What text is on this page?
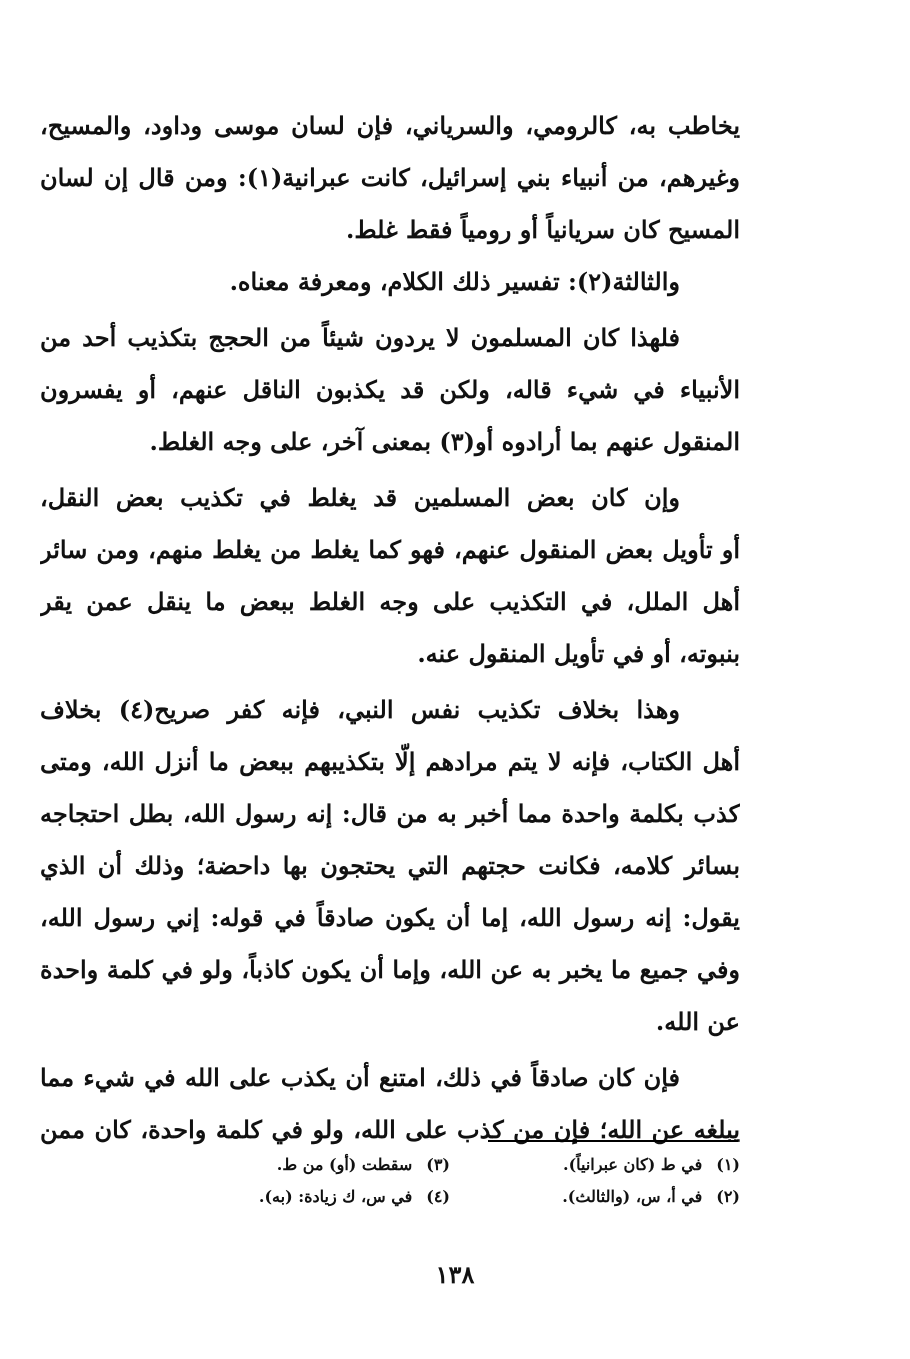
يخاطب به، كالرومي، والسرياني، فإن لسان موسى وداود، والمسيح،
وغيرهم، من أنبياء بني إسرائيل، كانت عبرانية(١): ومن قال إن لسان
المسيح كان سريانياً أو رومياً فقط غلط.
والثالثة(٢): تفسير ذلك الكلام، ومعرفة معناه.
فلهذا كان المسلمون لا يردون شيئاً من الحجج بتكذيب أحد من
الأنبياء في شيء قاله، ولكن قد يكذبون الناقل عنهم، أو يفسرون
المنقول عنهم بما أرادوه أو(٣) بمعنى آخر، على وجه الغلط.
وإن كان بعض المسلمين قد يغلط في تكذيب بعض النقل،
أو تأويل بعض المنقول عنهم، فهو كما يغلط من يغلط منهم، ومن سائر
أهل الملل، في التكذيب على وجه الغلط ببعض ما ينقل عمن يقر
بنبوته، أو في تأويل المنقول عنه.
وهذا بخلاف تكذيب نفس النبي، فإنه كفر صريح(٤) بخلاف
أهل الكتاب، فإنه لا يتم مرادهم إلّا بتكذيبهم ببعض ما أنزل الله، ومتى
كذب بكلمة واحدة مما أخبر به من قال: إنه رسول الله، بطل احتجاجه
بسائر كلامه، فكانت حجتهم التي يحتجون بها داحضة؛ وذلك أن الذي
يقول: إنه رسول الله، إما أن يكون صادقاً في قوله: إني رسول الله،
وفي جميع ما يخبر به عن الله، وإما أن يكون كاذباً، ولو في كلمة واحدة
عن الله.
فإن كان صادقاً في ذلك، امتنع أن يكذب على الله في شيء مما
يبلغه عن الله؛ فإن من كذب على الله، ولو في كلمة واحدة، كان ممن
(١)في ط (كان عبرانياً).
(٣)سقطت (أو) من ط.
(٢)في أ، س، (والثالث).
(٤)في س، ك زيادة: (به).
١٣٨
